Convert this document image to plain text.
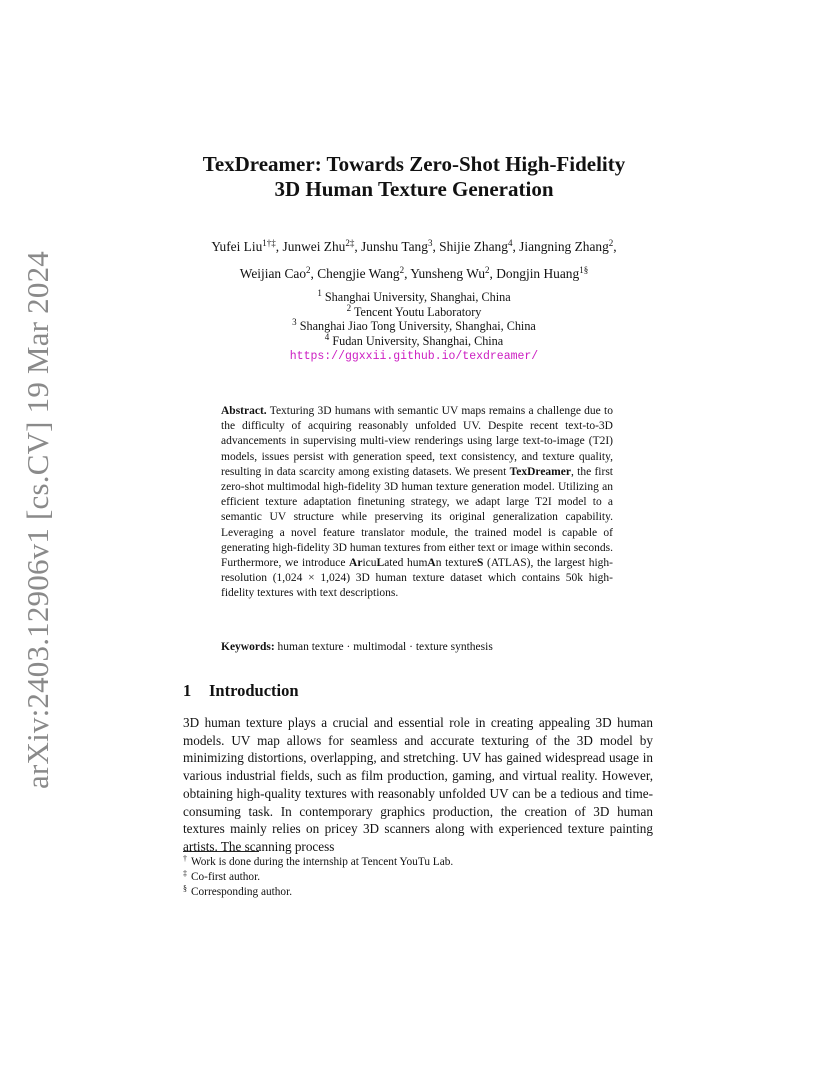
arXiv:2403.12906v1 [cs.CV] 19 Mar 2024
TexDreamer: Towards Zero-Shot High-Fidelity
3D Human Texture Generation
Yufei Liu$^{1\dagger\ddagger}$, Junwei Zhu$^{2\ddagger}$, Junshu Tang$^3$, Shijie Zhang$^4$, Jiangning Zhang$^2$,
Weijian Cao$^2$, Chengjie Wang$^2$, Yunsheng Wu$^2$, Dongjin Huang$^{1\S}$
$^1$ Shanghai University, Shanghai, China
$^2$ Tencent Youtu Laboratory
$^3$ Shanghai Jiao Tong University, Shanghai, China
$^4$ Fudan University, Shanghai, China
https://ggxxii.github.io/texdreamer/
Abstract. Texturing 3D humans with semantic UV maps remains a challenge due to the difficulty of acquiring reasonably unfolded UV. Despite recent text-to-3D advancements in supervising multi-view renderings using large text-to-image (T2I) models, issues persist with generation speed, text consistency, and texture quality, resulting in data scarcity among existing datasets. We present TexDreamer, the first zero-shot multimodal high-fidelity 3D human texture generation model. Utilizing an efficient texture adaptation finetuning strategy, we adapt large T2I model to a semantic UV structure while preserving its original generalization capability. Leveraging a novel feature translator module, the trained model is capable of generating high-fidelity 3D human textures from either text or image within seconds. Furthermore, we introduce AricuLated humAn textureS (ATLAS), the largest high-resolution (1,024 × 1,024) 3D human texture dataset which contains 50k high-fidelity textures with text descriptions.
Keywords: human texture · multimodal · texture synthesis
1 Introduction
3D human texture plays a crucial and essential role in creating appealing 3D human models. UV map allows for seamless and accurate texturing of the 3D model by minimizing distortions, overlapping, and stretching. UV has gained widespread usage in various industrial fields, such as film production, gaming, and virtual reality. However, obtaining high-quality textures with reasonably unfolded UV can be a tedious and time-consuming task. In contemporary graphics production, the creation of 3D human textures mainly relies on pricey 3D scanners along with experienced texture painting artists. The scanning process
† Work is done during the internship at Tencent YouTu Lab.
‡ Co-first author.
§ Corresponding author.
